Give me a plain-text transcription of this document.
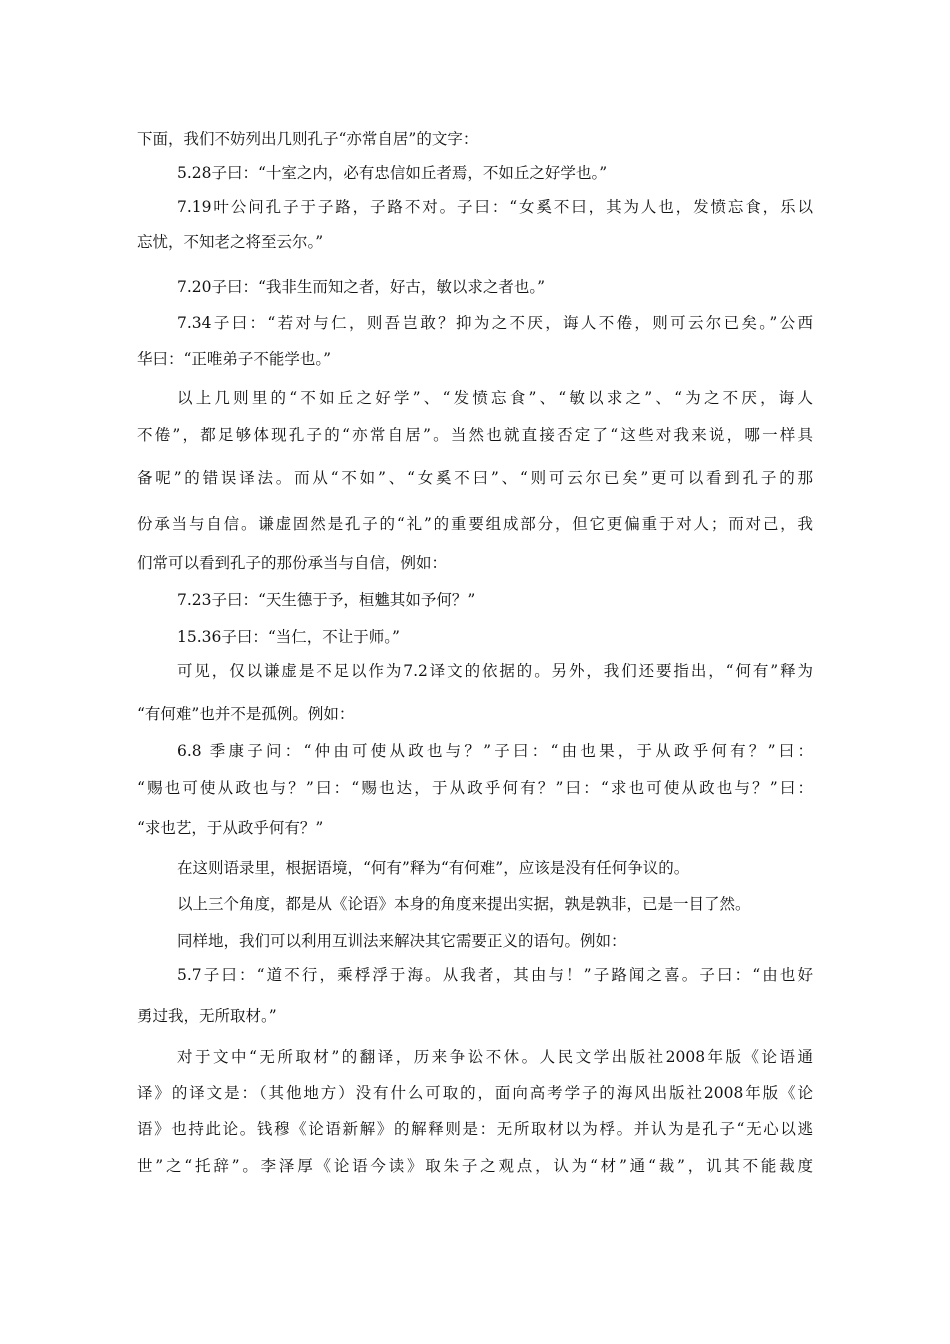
下面，我们不妨列出几则孔子“亦常自居”的文字：
5.28子曰：“十室之内，必有忠信如丘者焉，不如丘之好学也。”
7.19叶公问孔子于子路，子路不对。子曰：“女奚不曰，其为人也，发愤忘食，乐以
忘忧，不知老之将至云尔。”
7.20子曰：“我非生而知之者，好古，敏以求之者也。”
7.34子曰：“若对与仁，则吾岂敢？抑为之不厌，诲人不倦，则可云尔已矣。”公西
华曰：“正唯弟子不能学也。”
以上几则里的“不如丘之好学”、“发愤忘食”、“敏以求之”、“为之不厌，诲人
不倦”，都足够体现孔子的“亦常自居”。当然也就直接否定了“这些对我来说，哪一样具
备呢”的错误译法。而从“不如”、“女奚不曰”、“则可云尔已矣”更可以看到孔子的那
份承当与自信。谦虚固然是孔子的“礼”的重要组成部分，但它更偏重于对人；而对己，我
们常可以看到孔子的那份承当与自信，例如：
7.23子曰：“天生德于予，桓魋其如予何？”
15.36子曰：“当仁，不让于师。”
可见，仅以谦虚是不足以作为7.2译文的依据的。另外，我们还要指出，“何有”释为
“有何难”也并不是孤例。例如：
6.8 季康子问：“仲由可使从政也与？”子曰：“由也果，于从政乎何有？”曰：
“赐也可使从政也与？”曰：“赐也达，于从政乎何有？”曰：“求也可使从政也与？”曰：
“求也艺，于从政乎何有？”
在这则语录里，根据语境，“何有”释为“有何难”，应该是没有任何争议的。
以上三个角度，都是从《论语》本身的角度来提出实据，孰是孰非，已是一目了然。
同样地，我们可以利用互训法来解决其它需要正义的语句。例如：
5.7子曰：“道不行，乘桴浮于海。从我者，其由与！”子路闻之喜。子曰：“由也好
勇过我，无所取材。”
对于文中“无所取材”的翻译，历来争讼不休。人民文学出版社2008年版《论语通
译》的译文是：（其他地方）没有什么可取的，面向高考学子的海风出版社2008年版《论
语》也持此论。钱穆《论语新解》的解释则是：无所取材以为桴。并认为是孔子“无心以逃
世”之“托辞”。李泽厚《论语今读》取朱子之观点，认为“材”通“裁”，讥其不能裁度
